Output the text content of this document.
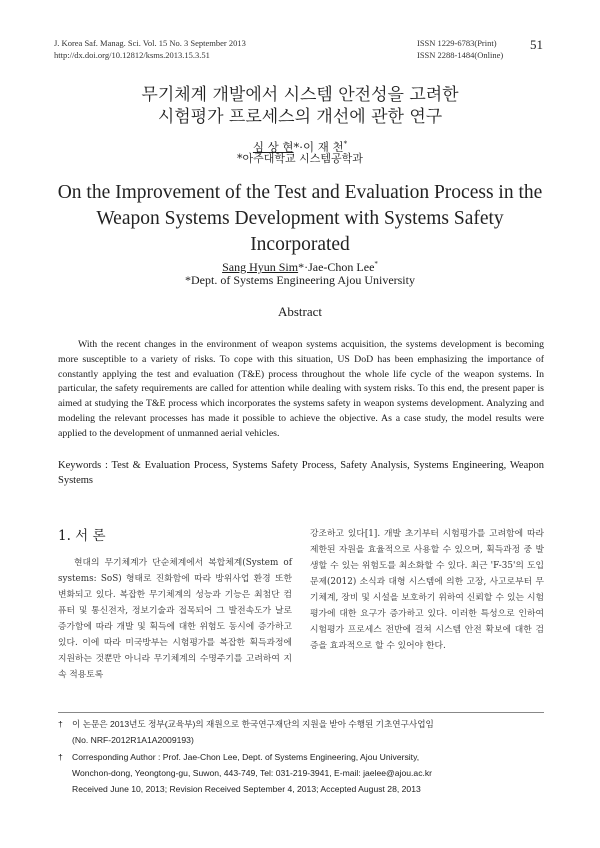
J. Korea Saf. Manag. Sci. Vol. 15 No. 3 September 2013
http://dx.doi.org/10.12812/ksms.2013.15.3.51
ISSN 1229-6783(Print)
ISSN 2288-1484(Online)
51
무기체계 개발에서 시스템 안전성을 고려한
시험평가 프로세스의 개선에 관한 연구
심 상 현*·이 재 천*
*아주대학교 시스템공학과
On the Improvement of the Test and Evaluation Process in the
Weapon Systems Development with Systems Safety
Incorporated
Sang Hyun Sim*·Jae-Chon Lee*
*Dept. of Systems Engineering Ajou University
Abstract
With the recent changes in the environment of weapon systems acquisition, the systems development is becoming more susceptible to a variety of risks. To cope with this situation, US DoD has been emphasizing the importance of constantly applying the test and evaluation (T&E) process throughout the whole life cycle of the weapon systems. In particular, the safety requirements are called for attention while dealing with system risks. To this end, the present paper is aimed at studying the T&E process which incorporates the systems safety in weapon systems development. Analyzing and modeling the relevant processes has made it possible to achieve the objective. As a case study, the model results were applied to the development of unmanned aerial vehicles.
Keywords : Test & Evaluation Process, Systems Safety Process, Safety Analysis, Systems Engineering, Weapon Systems
1. 서 론
현대의 무기체계가 단순체계에서 복합체계(System of systems: SoS) 형태로 진화함에 따라 방위사업 환경 또한 변화되고 있다. 복잡한 무기체계의 성능과 기능은 최첨단 컴퓨터 및 통신전자, 정보기술과 접목되어 그 발전속도가 날로 증가함에 따라 개발 및 획득에 대한 위험도 동시에 증가하고 있다. 이에 따라 미국방부는 시험평가를 복잡한 획득과정에 지원하는 것뿐만 아니라 무기체계의 수명주기를 고려하여 지속 적용토록
강조하고 있다[1]. 개발 초기부터 시험평가를 고려함에 따라 제한된 자원을 효율적으로 사용할 수 있으며, 획득과정 중 발생할 수 있는 위험도를 최소화할 수 있다. 최근 'F-35'의 도입문제(2012) 소식과 대형 시스템에 의한 고장, 사고로부터 무기체계, 장비 및 시설을 보호하기 위하여 신뢰할 수 있는 시험평가에 대한 요구가 증가하고 있다. 이러한 특성으로 인하여 시험평가 프로세스 전반에 걸쳐 시스템 안전 확보에 대한 검증을 효과적으로 할 수 있어야 한다.
† 이 논문은 2013년도 정부(교육부)의 재원으로 한국연구재단의 지원을 받아 수행된 기초연구사업임
(No. NRF-2012R1A1A2009193)
† Corresponding Author : Prof. Jae-Chon Lee, Dept. of Systems Engineering, Ajou University,
Wonchon-dong, Yeongtong-gu, Suwon, 443-749, Tel: 031-219-3941, E-mail: jaelee@ajou.ac.kr
Received June 10, 2013; Revision Received September 4, 2013; Accepted August 28, 2013
